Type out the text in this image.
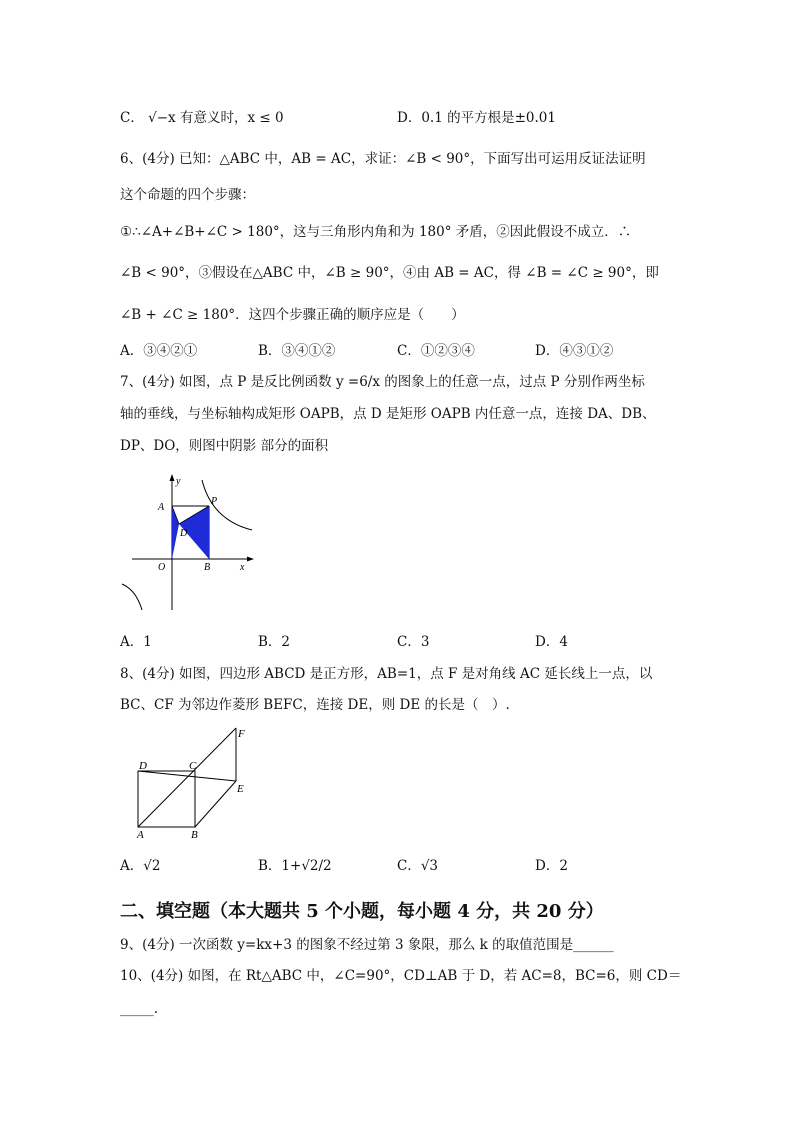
C． √−x 有意义时，x ≤ 0	D．0.1 的平方根是±0.01
6、(4分) 已知：△ABC 中，AB = AC，求证：∠B < 90°，下面写出可运用反证法证明
这个命题的四个步骤：
①∴∠A+∠B+∠C > 180°，这与三角形内角和为 180° 矛盾，②因此假设不成立．∴
∠B < 90°，③假设在△ABC 中，∠B ≥ 90°，④由 AB = AC，得 ∠B = ∠C ≥ 90°，即
∠B + ∠C ≥ 180°．这四个步骤正确的顺序应是（　　）
A．③④②①	B．③④①②	C．①②③④	D．④③①②
7、(4分) 如图，点 P 是反比例函数 y =6/x 的图象上的任意一点，过点 P 分别作两坐标
轴的垂线，与坐标轴构成矩形 OAPB，点 D 是矩形 OAPB 内任意一点，连接 DA、DB、
DP、DO，则图中阴影 部分的面积
y
A
P
D
O	B	x
A．1	B．2	C．3	D．4
8、(4分) 如图，四边形 ABCD 是正方形，AB=1，点 F 是对角线 AC 延长线上一点，以
BC、CF 为邻边作菱形 BEFC，连接 DE，则 DE 的长是（　）.
D	C
F
E
A	B
A．√2	B．1+√2/2	C．√3	D．2
二、填空题（本大题共 5 个小题，每小题 4 分，共 20 分）
9、(4分) 一次函数 y=kx+3 的图象不经过第 3 象限，那么 k 的取值范围是______
10、(4分) 如图，在 Rt△ABC 中，∠C=90°，CD⊥AB 于 D，若 AC=8，BC=6，则 CD＝
_____.
